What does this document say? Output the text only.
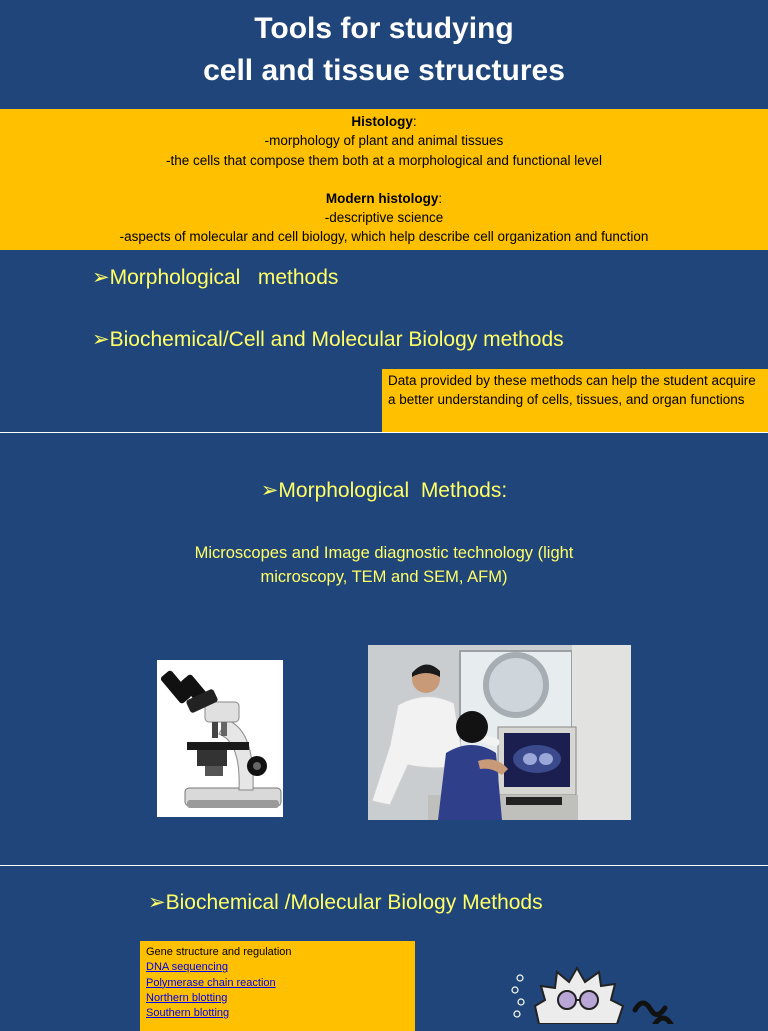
Tools for studying
cell and tissue structures
Histology:
-morphology of plant and animal tissues
-the cells that compose them both at a morphological and functional level
Modern histology:
-descriptive science
-aspects of molecular and cell biology, which help describe cell organization and function
➢Morphological   methods
➢Biochemical/Cell and Molecular Biology methods
Data provided by these methods can help the student acquire a better understanding of cells, tissues, and organ functions
➢Morphological  Methods:
Microscopes and Image diagnostic technology (light
microscopy, TEM and SEM, AFM)
➢Biochemical /Molecular Biology Methods
Gene structure and regulation
DNA sequencing
Polymerase chain reaction
Northern blotting
Southern blotting
